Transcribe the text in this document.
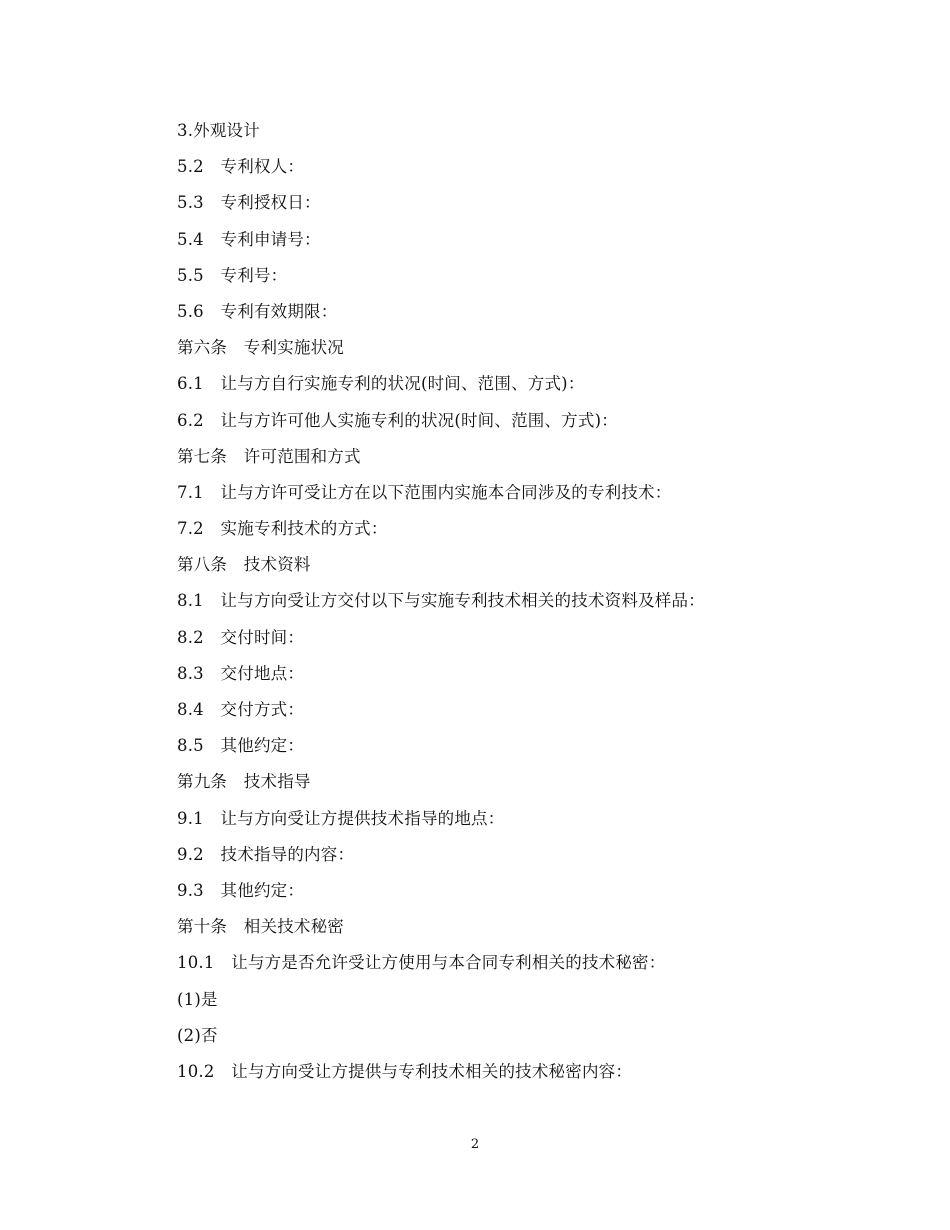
3.外观设计
5.2　专利权人：
5.3　专利授权日：
5.4　专利申请号：
5.5　专利号：
5.6　专利有效期限：
第六条　专利实施状况
6.1　让与方自行实施专利的状况(时间、范围、方式)：
6.2　让与方许可他人实施专利的状况(时间、范围、方式)：
第七条　许可范围和方式
7.1　让与方许可受让方在以下范围内实施本合同涉及的专利技术：
7.2　实施专利技术的方式：
第八条　技术资料
8.1　让与方向受让方交付以下与实施专利技术相关的技术资料及样品：
8.2　交付时间：
8.3　交付地点：
8.4　交付方式：
8.5　其他约定：
第九条　技术指导
9.1　让与方向受让方提供技术指导的地点：
9.2　技术指导的内容：
9.3　其他约定：
第十条　相关技术秘密
10.1　让与方是否允许受让方使用与本合同专利相关的技术秘密：
(1)是
(2)否
10.2　让与方向受让方提供与专利技术相关的技术秘密内容：
2
